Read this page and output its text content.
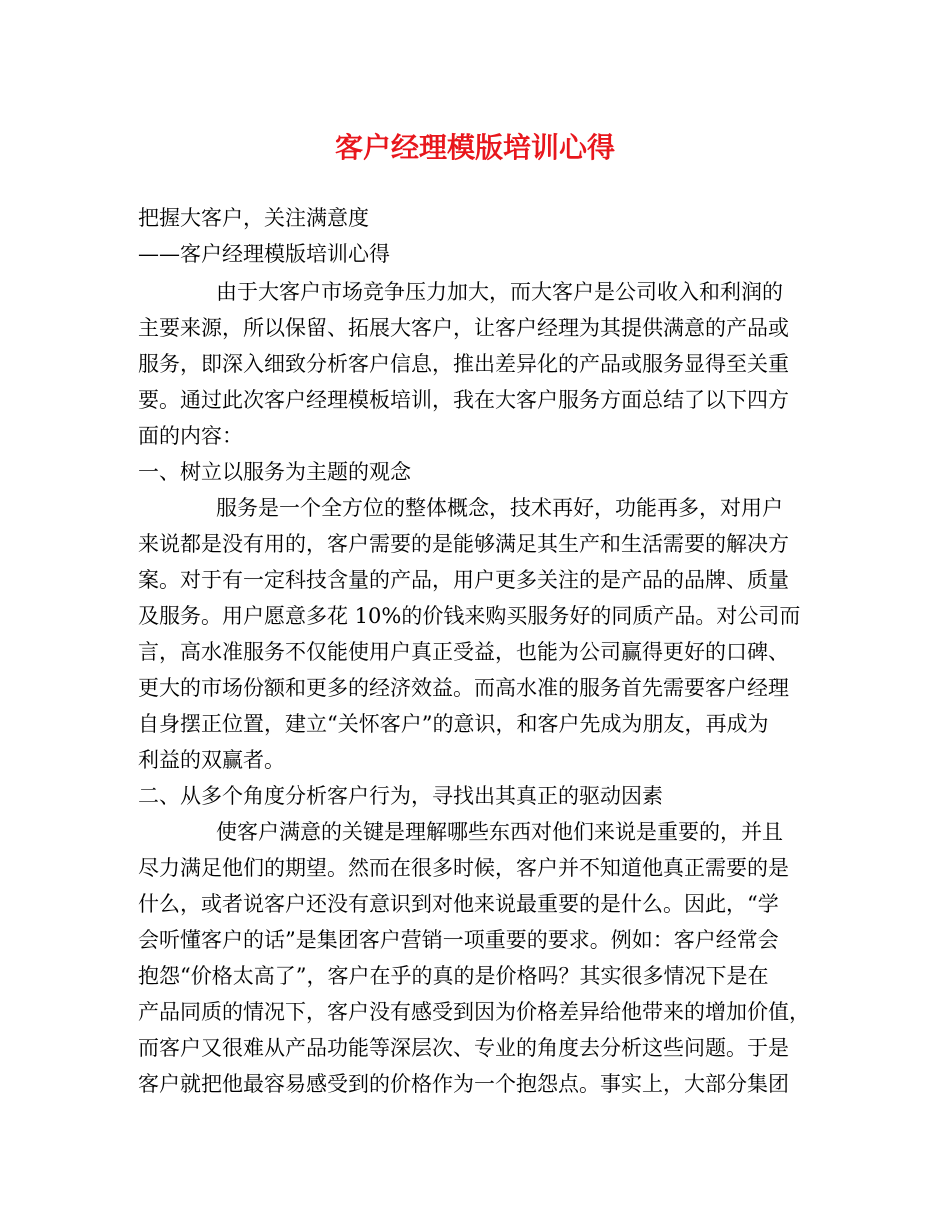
客户经理模版培训心得
把握大客户，关注满意度
——客户经理模版培训心得
由于大客户市场竞争压力加大，而大客户是公司收入和利润的
主要来源，所以保留、拓展大客户，让客户经理为其提供满意的产品或
服务，即深入细致分析客户信息，推出差异化的产品或服务显得至关重
要。通过此次客户经理模板培训，我在大客户服务方面总结了以下四方
面的内容：
一、树立以服务为主题的观念
服务是一个全方位的整体概念，技术再好，功能再多，对用户
来说都是没有用的，客户需要的是能够满足其生产和生活需要的解决方
案。对于有一定科技含量的产品，用户更多关注的是产品的品牌、质量
及服务。用户愿意多花 10%的价钱来购买服务好的同质产品。对公司而
言，高水准服务不仅能使用户真正受益，也能为公司赢得更好的口碑、
更大的市场份额和更多的经济效益。而高水准的服务首先需要客户经理
自身摆正位置，建立“关怀客户”的意识，和客户先成为朋友，再成为
利益的双赢者。
二、从多个角度分析客户行为，寻找出其真正的驱动因素
使客户满意的关键是理解哪些东西对他们来说是重要的，并且
尽力满足他们的期望。然而在很多时候，客户并不知道他真正需要的是
什么，或者说客户还没有意识到对他来说最重要的是什么。因此，“学
会听懂客户的话”是集团客户营销一项重要的要求。例如：客户经常会
抱怨“价格太高了”，客户在乎的真的是价格吗？其实很多情况下是在
产品同质的情况下，客户没有感受到因为价格差异给他带来的增加价值，
而客户又很难从产品功能等深层次、专业的角度去分析这些问题。于是
客户就把他最容易感受到的价格作为一个抱怨点。事实上，大部分集团
